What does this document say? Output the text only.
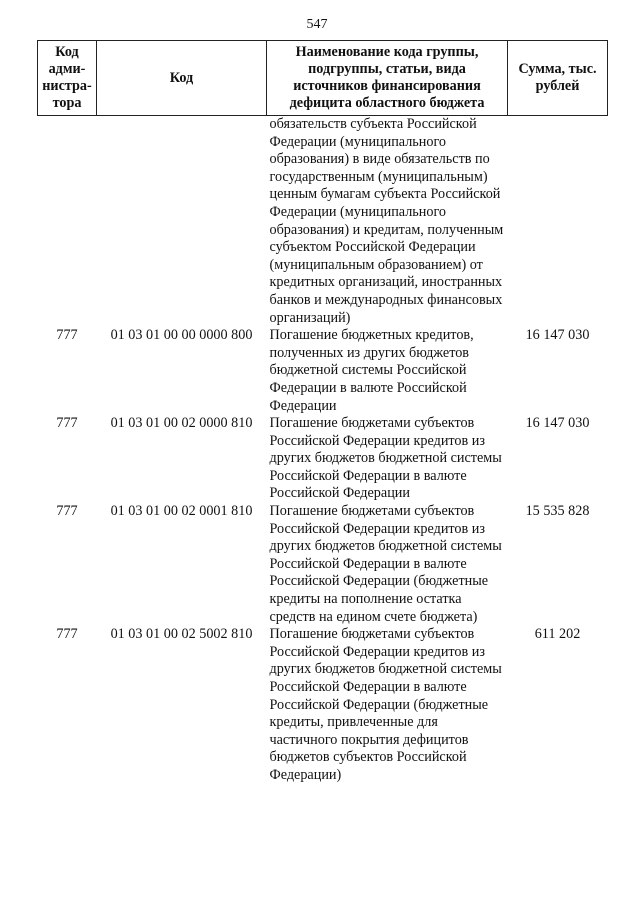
547
Код адми-нистра-тора	Код	Наименование кода группы, подгруппы, статьи, вида источников финансирования дефицита областного бюджета	Сумма, тыс. рублей
		обязательств субъекта Российской Федерации (муниципального образования) в виде обязательств по государственным (муниципальным) ценным бумагам субъекта Российской Федерации (муниципального образования) и кредитам, полученным субъектом Российской Федерации (муниципальным образованием) от кредитных организаций, иностранных банков и международных финансовых организаций)	
777	01 03 01 00 00 0000 800	Погашение бюджетных кредитов, полученных из других бюджетов бюджетной системы Российской Федерации в валюте Российской Федерации	16 147 030
777	01 03 01 00 02 0000 810	Погашение бюджетами субъектов Российской Федерации кредитов из других бюджетов бюджетной системы Российской Федерации в валюте Российской Федерации	16 147 030
777	01 03 01 00 02 0001 810	Погашение бюджетами субъектов Российской Федерации кредитов из других бюджетов бюджетной системы Российской Федерации в валюте Российской Федерации (бюджетные кредиты на пополнение остатка средств на едином счете бюджета)	15 535 828
777	01 03 01 00 02 5002 810	Погашение бюджетами субъектов Российской Федерации кредитов из других бюджетов бюджетной системы Российской Федерации в валюте Российской Федерации (бюджетные кредиты, привлеченные для частичного покрытия дефицитов бюджетов субъектов Российской Федерации)	611 202
